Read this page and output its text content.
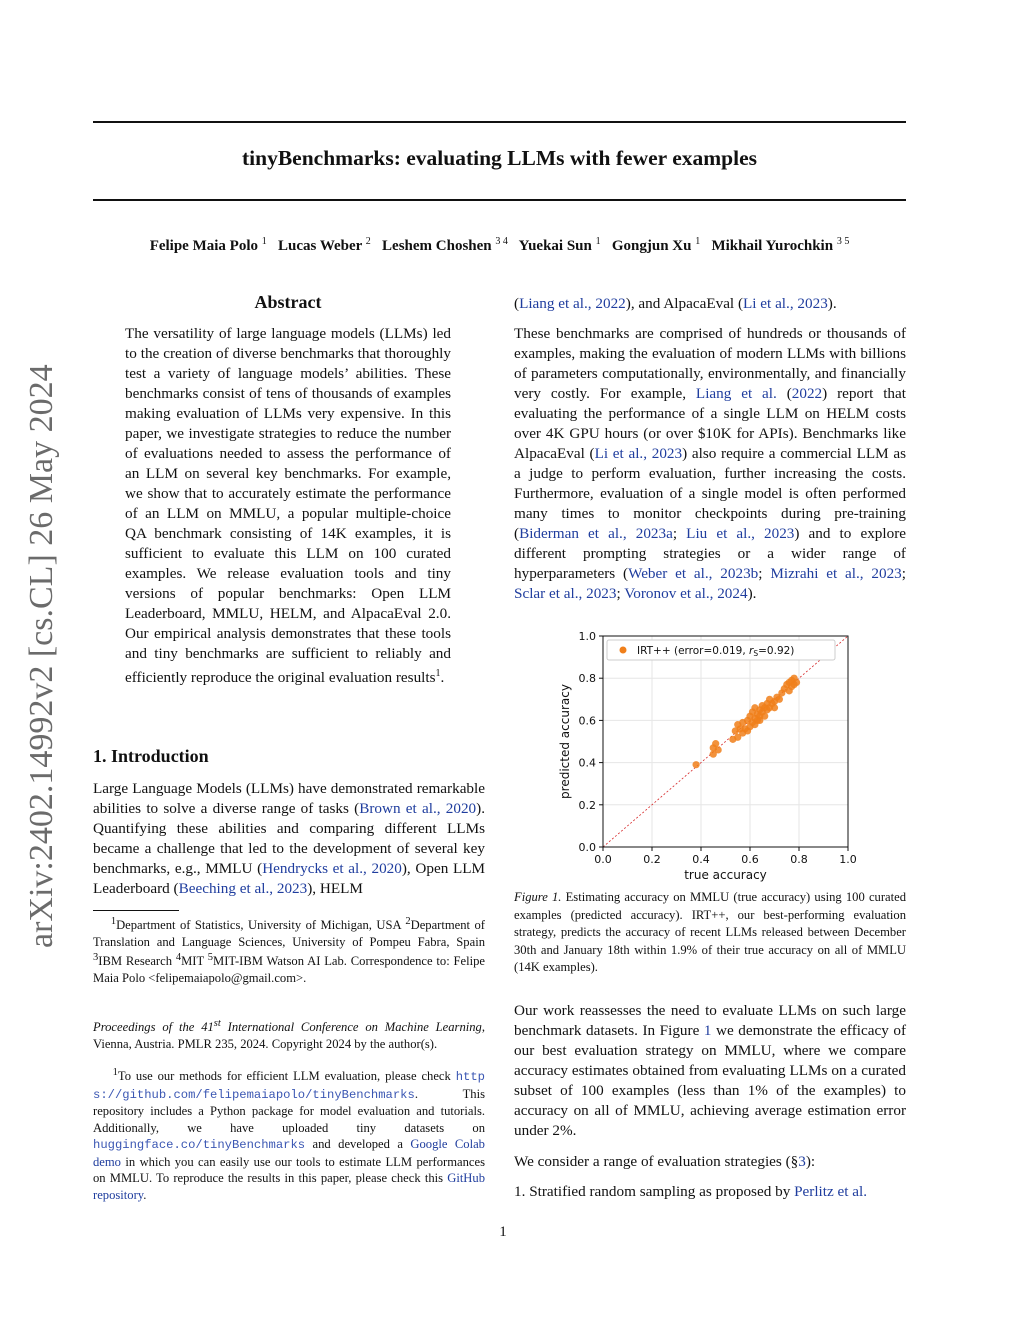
tinyBenchmarks: evaluating LLMs with fewer examples
Felipe Maia Polo $^1$ Lucas Weber $^2$ Leshem Choshen $^{3 4}$ Yuekai Sun $^1$ Gongjun Xu $^1$ Mikhail Yurochkin $^{3 5}$
arXiv:2402.14992v2 [cs.CL] 26 May 2024
Abstract
The versatility of large language models (LLMs) led to the creation of diverse benchmarks that thoroughly test a variety of language models’ abilities. These benchmarks consist of tens of thousands of examples making evaluation of LLMs very expensive. In this paper, we investigate strategies to reduce the number of evaluations needed to assess the performance of an LLM on several key benchmarks. For example, we show that to accurately estimate the performance of an LLM on MMLU, a popular multiple-choice QA benchmark consisting of 14K examples, it is sufficient to evaluate this LLM on 100 curated examples. We release evaluation tools and tiny versions of popular benchmarks: Open LLM Leaderboard, MMLU, HELM, and AlpacaEval 2.0. Our empirical analysis demonstrates that these tools and tiny benchmarks are sufficient to reliably and efficiently reproduce the original evaluation results$^1$.
1. Introduction
Large Language Models (LLMs) have demonstrated remarkable abilities to solve a diverse range of tasks (Brown et al., 2020). Quantifying these abilities and comparing different LLMs became a challenge that led to the development of several key benchmarks, e.g., MMLU (Hendrycks et al., 2020), Open LLM Leaderboard (Beeching et al., 2023), HELM
$^1$Department of Statistics, University of Michigan, USA $^2$Department of Translation and Language Sciences, University of Pompeu Fabra, Spain $^3$IBM Research $^4$MIT $^5$MIT-IBM Watson AI Lab. Correspondence to: Felipe Maia Polo <felipemaiapolo@gmail.com>.
Proceedings of the 41st International Conference on Machine Learning, Vienna, Austria. PMLR 235, 2024. Copyright 2024 by the author(s).
$^1$To use our methods for efficient LLM evaluation, please check https://github.com/felipemaiapolo/tinyBenchmarks. This repository includes a Python package for model evaluation and tutorials. Additionally, we have uploaded tiny datasets on huggingface.co/tinyBenchmarks and developed a Google Colab demo in which you can easily use our tools to estimate LLM performances on MMLU. To reproduce the results in this paper, please check this GitHub repository.
(Liang et al., 2022), and AlpacaEval (Li et al., 2023).
These benchmarks are comprised of hundreds or thousands of examples, making the evaluation of modern LLMs with billions of parameters computationally, environmentally, and financially very costly. For example, Liang et al. (2022) report that evaluating the performance of a single LLM on HELM costs over 4K GPU hours (or over $10K for APIs). Benchmarks like AlpacaEval (Li et al., 2023) also require a commercial LLM as a judge to perform evaluation, further increasing the costs. Furthermore, evaluation of a single model is often performed many times to monitor checkpoints during pre-training (Biderman et al., 2023a; Liu et al., 2023) and to explore different prompting strategies or a wider range of hyperparameters (Weber et al., 2023b; Mizrahi et al., 2023; Sclar et al., 2023; Voronov et al., 2024).
0.0	0.2	0.4	0.6	0.8	1.0
0.0
0.2
0.4
0.6
0.8
1.0
IRT++ (error=0.019, rS=0.92)
true accuracy
predicted accuracy
Figure 1. Estimating accuracy on MMLU (true accuracy) using 100 curated examples (predicted accuracy). IRT++, our best-performing evaluation strategy, predicts the accuracy of recent LLMs released between December 30th and January 18th within 1.9% of their true accuracy on all of MMLU (14K examples).
Our work reassesses the need to evaluate LLMs on such large benchmark datasets. In Figure 1 we demonstrate the efficacy of our best evaluation strategy on MMLU, where we compare accuracy estimates obtained from evaluating LLMs on a curated subset of 100 examples (less than 1% of the examples) to accuracy on all of MMLU, achieving average estimation error under 2%.
We consider a range of evaluation strategies (§3):
1. Stratified random sampling as proposed by Perlitz et al.
1
